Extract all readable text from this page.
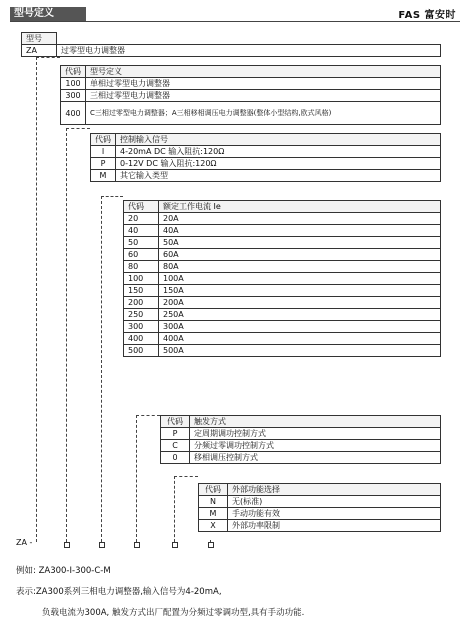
型号定义	FAS 富安时
型号	
ZA	过零型电力调整器
代码	型号定义
100	单相过零型电力调整器
300	三相过零型电力调整器
400	C三相过零型电力调整器；A三相移相调压电力调整器(整体小型结构,欧式风格)
代码	控制输入信号
I	4-20mA DC 输入阻抗:120Ω
P	0-12V DC 输入阻抗:120Ω
M	其它输入类型
代码	额定工作电流 Ie
20	20A
40	40A
50	50A
60	60A
80	80A
100	100A
150	150A
200	200A
250	250A
300	300A
400	400A
500	500A
代码	触发方式
P	定周期调功控制方式
C	分频过零调功控制方式
0	移相调压控制方式
代码	外部功能选择
N	无(标准)
M	手动功能有效
X	外部功率限制
ZA -
例如: ZA300-I-300-C-M
表示:ZA300系列三相电力调整器,输入信号为4-20mA,
负载电流为300A, 触发方式出厂配置为分频过零调功型,具有手动功能.
